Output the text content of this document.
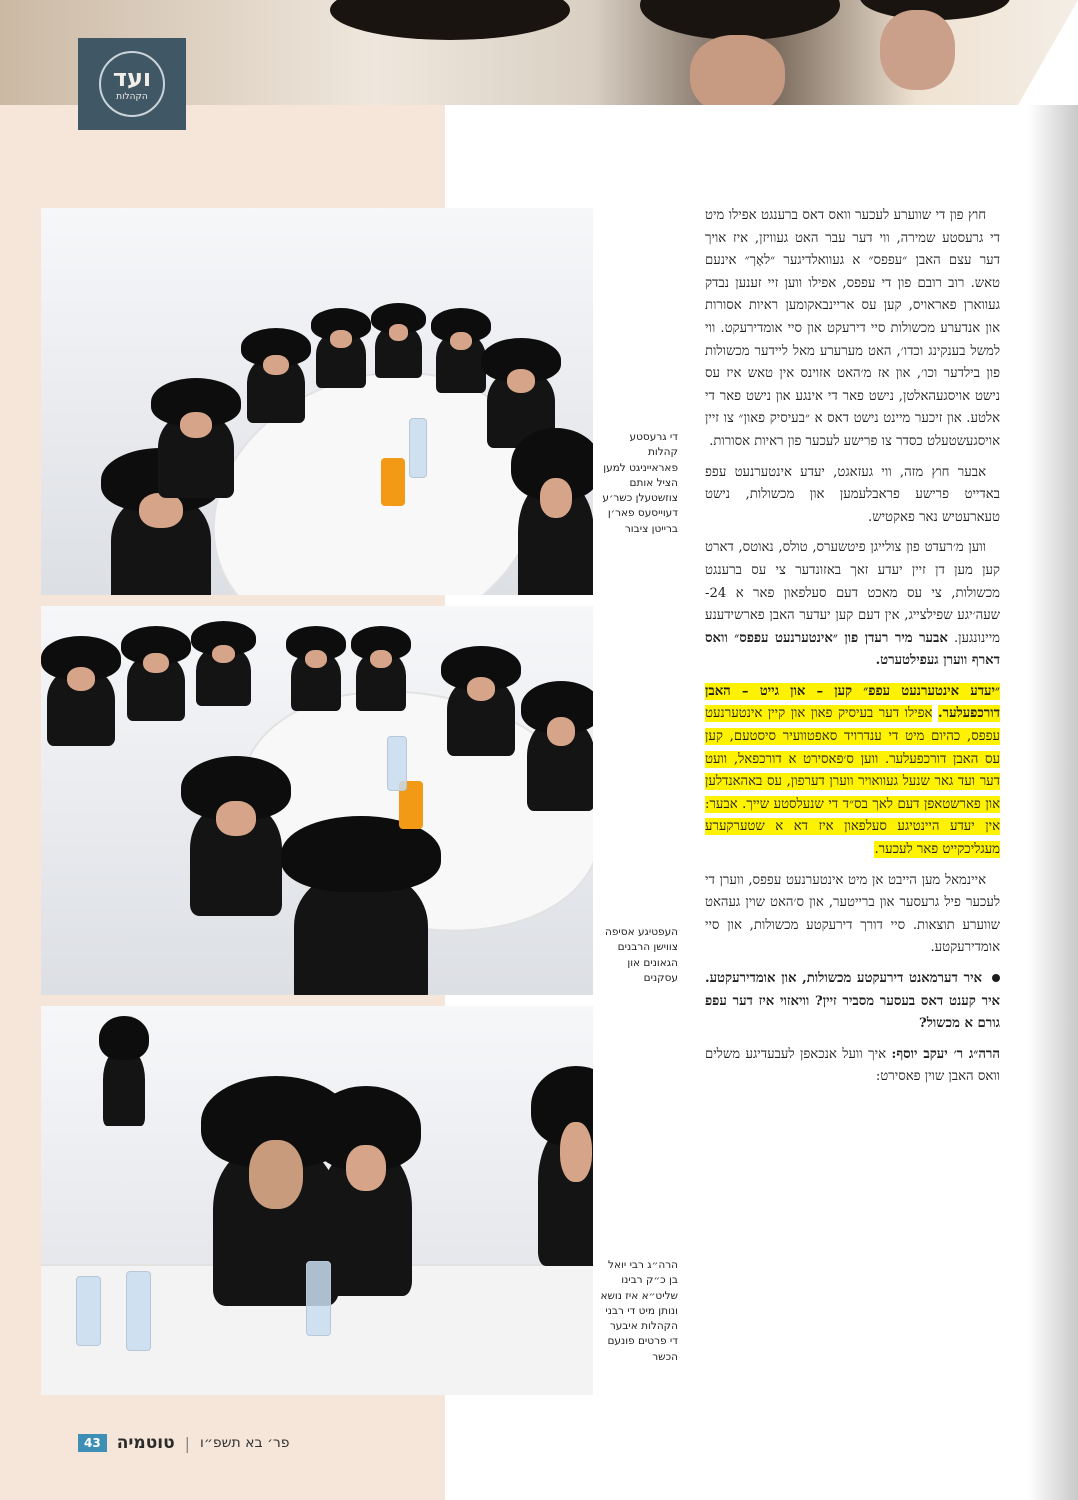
ועד
הקהלות
די גרעסטע קהלות פאראייניגט למען הציל אותם צוזשטעלן כשר׳ע דעוייסעס פאר׳ן ברייטן ציבור
העפטיגע אסיפה צווישן הרבנים הגאונים און עסקנים
הרה״ג רבי יואל בן כ״ק רבינו שליט״א איז נושא ונותן מיט די רבני הקהלות איבער די פרטים פונעם הכשר

חוץ פון די שווערע לעכער וואס דאס ברענגט אפילו מיט די גרעסטע שמירה, ווי דער עבר האט געוויזן, איז אויך דער עצם האבן ״עפפס״ א געוואלדיגער ״לאָך״ אינעם טאש. רוב רובם פון די עפפס, אפילו ווען זיי זענען נבדק געווארן פאראויס, קען עס אריינבאקומען ראיות אסורות און אנדערע מכשולות סיי דירעקט און סיי אומדירעקט. ווי למשל בענקינג וכדו׳, האט מערערע מאל ליידער מכשולות פון בילדער וכו׳, און אז מ׳האט אזוינס אין טאש איז עס נישט אויסגעהאלטן, נישט פאר די אינגע און נישט פאר די אלטע. און זיכער מיינט נישט דאס א ״בעיסיק פאון״ צו זיין אויסגעשטעלט כסדר צו פרישע לעכער פון ראיות אסורות.

אבער חוץ מזה, ווי געזאגט, יעדע אינטערנעט עפפ באדייט פרישע פראבלעמען און מכשולות, נישט טעארעטיש נאר פאקטיש.

ווען מ׳רעדט פון צולייגן פיטשערס, טולס, נאוטס, דארט קען מען דן זיין יעדע זאך באזונדער צי עס ברענגט מכשולות, צי עס מאכט דעם סעלפאון פאר א 24-שעה׳יגע שפילצייג, אין דעם קען יעדער האבן פארשידענע מיינונגען. אבער מיר רעדן פון ״אינטערנעט עפפס״ וואס דארף ווערן געפילטערט.

״יעדע אינטערנעט עפפ״ קען – און גייט – האבן דורכפעלער. אפילו דער בעיסיק פאון און קיין אינטערנעט עפפס, כהיום מיט די ענדרויד סאפטוועיר סיסטעם, קען עס האבן דורכפעלער. ווען ס׳פאסירט א דורכפאל, וועט דער ועד גאר שנעל געוואויר ווערן דערפון, עס באהאנדלען און פארשטאפן דעם לאך בס״ד די שנעלסטע שייך. אבער: אין יעדע היינטיגע סעלפאון איז דא א שטערקערע מעגליכקייט פאר לעכער.

איינמאל מען הייבט אן מיט אינטערנעט עפפס, ווערן די לעכער פיל גרעסער און ברייטער, און ס׳האט שוין געהאט שווערע תוצאות. סיי דורך דירעקטע מכשולות, און סיי אומדירעקטע.

איר דערמאנט דירעקטע מכשולות, און אומדירעקטע. איר קענט דאס בעסער מסביר זיין? וויאזוי איז דער עפפ גורם א מכשול?

הרה״ג ר׳ יעקב יוסף: איך וועל אנכאפן לעבעדיגע משלים וואס האבן שוין פאסירט:

43 טוטמיה | פר׳ בא תשפ״ו
